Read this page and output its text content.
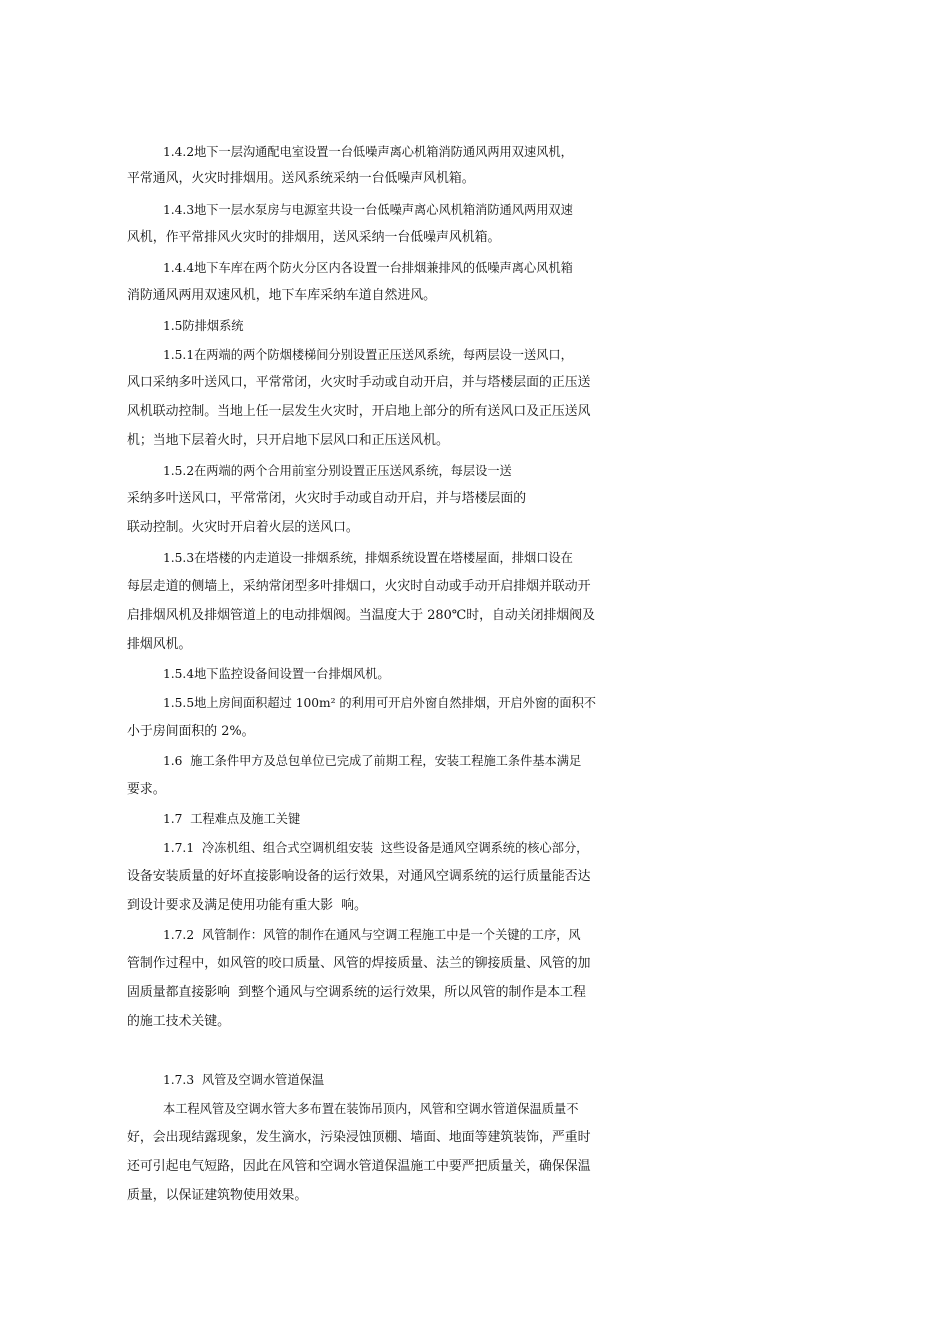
1.4.2地下一层沟通配电室设置一台低噪声离心机箱消防通风两用双速风机，
平常通风，火灾时排烟用。送风系统采纳一台低噪声风机箱。
1.4.3地下一层水泵房与电源室共设一台低噪声离心风机箱消防通风两用双速
风机，作平常排风火灾时的排烟用，送风采纳一台低噪声风机箱。
1.4.4地下车库在两个防火分区内各设置一台排烟兼排风的低噪声离心风机箱
消防通风两用双速风机，地下车库采纳车道自然进风。
1.5防排烟系统
1.5.1在两端的两个防烟楼梯间分别设置正压送风系统，每两层设一送风口，
风口采纳多叶送风口，平常常闭，火灾时手动或自动开启，并与塔楼层面的正压送
风机联动控制。当地上任一层发生火灾时，开启地上部分的所有送风口及正压送风
机；当地下层着火时，只开启地下层风口和正压送风机。
1.5.2在两端的两个合用前室分别设置正压送风系统，每层设一送
采纳多叶送风口，平常常闭，火灾时手动或自动开启，并与塔楼层面的
联动控制。火灾时开启着火层的送风口。
1.5.3在塔楼的内走道设一排烟系统，排烟系统设置在塔楼屋面，排烟口设在
每层走道的侧墙上，采纳常闭型多叶排烟口，火灾时自动或手动开启排烟并联动开
启排烟风机及排烟管道上的电动排烟阀。当温度大于 280℃时，自动关闭排烟阀及
排烟风机。
1.5.4地下监控设备间设置一台排烟风机。
1.5.5地上房间面积超过 100m² 的利用可开启外窗自然排烟，开启外窗的面积不
小于房间面积的 2%。
1.6  施工条件甲方及总包单位已完成了前期工程，安装工程施工条件基本满足
要求。
1.7  工程难点及施工关键
1.7.1  冷冻机组、组合式空调机组安装  这些设备是通风空调系统的核心部分，
设备安装质量的好坏直接影响设备的运行效果，对通风空调系统的运行质量能否达
到设计要求及满足使用功能有重大影  响。
1.7.2  风管制作：风管的制作在通风与空调工程施工中是一个关键的工序，风
管制作过程中，如风管的咬口质量、风管的焊接质量、法兰的铆接质量、风管的加
固质量都直接影响  到整个通风与空调系统的运行效果，所以风管的制作是本工程
的施工技术关键。
1.7.3  风管及空调水管道保温
本工程风管及空调水管大多布置在装饰吊顶内，风管和空调水管道保温质量不
好，会出现结露现象，发生滴水，污染浸蚀顶棚、墙面、地面等建筑装饰，严重时
还可引起电气短路，因此在风管和空调水管道保温施工中要严把质量关，确保保温
质量，以保证建筑物使用效果。
